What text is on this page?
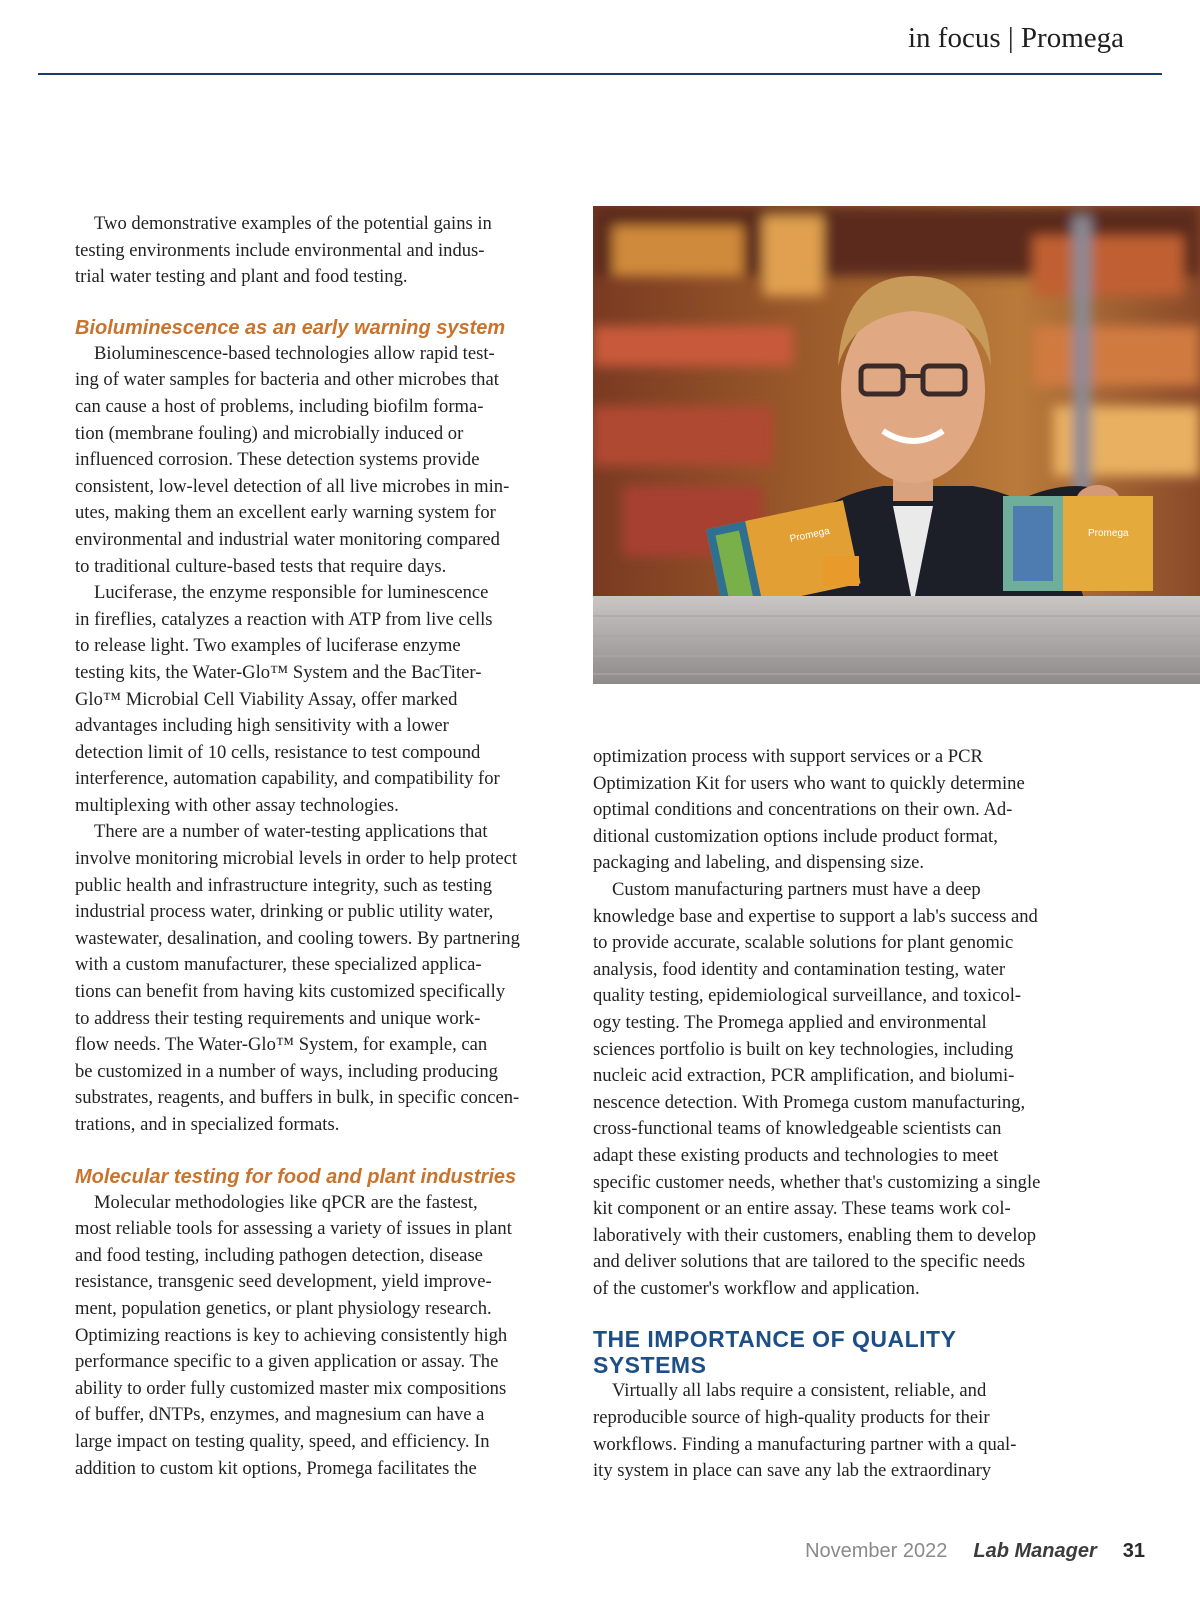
in focus | Promega

Two demonstrative examples of the potential gains in
testing environments include environmental and indus-
trial water testing and plant and food testing.

Bioluminescence as an early warning system

Bioluminescence-based technologies allow rapid test-
ing of water samples for bacteria and other microbes that
can cause a host of problems, including biofilm forma-
tion (membrane fouling) and microbially induced or
influenced corrosion. These detection systems provide
consistent, low-level detection of all live microbes in min-
utes, making them an excellent early warning system for
environmental and industrial water monitoring compared
to traditional culture-based tests that require days.

Luciferase, the enzyme responsible for luminescence
in fireflies, catalyzes a reaction with ATP from live cells
to release light. Two examples of luciferase enzyme
testing kits, the Water-Glo™ System and the BacTiter-
Glo™ Microbial Cell Viability Assay, offer marked
advantages including high sensitivity with a lower
detection limit of 10 cells, resistance to test compound
interference, automation capability, and compatibility for
multiplexing with other assay technologies.

There are a number of water-testing applications that
involve monitoring microbial levels in order to help protect
public health and infrastructure integrity, such as testing
industrial process water, drinking or public utility water,
wastewater, desalination, and cooling towers. By partnering
with a custom manufacturer, these specialized applica-
tions can benefit from having kits customized specifically
to address their testing requirements and unique work-
flow needs. The Water-Glo™ System, for example, can
be customized in a number of ways, including producing
substrates, reagents, and buffers in bulk, in specific concen-
trations, and in specialized formats.

Molecular testing for food and plant industries

Molecular methodologies like qPCR are the fastest,
most reliable tools for assessing a variety of issues in plant
and food testing, including pathogen detection, disease
resistance, transgenic seed development, yield improve-
ment, population genetics, or plant physiology research.
Optimizing reactions is key to achieving consistently high
performance specific to a given application or assay. The
ability to order fully customized master mix compositions
of buffer, dNTPs, enzymes, and magnesium can have a
large impact on testing quality, speed, and efficiency. In
addition to custom kit options, Promega facilitates the

Promega	Promega

optimization process with support services or a PCR
Optimization Kit for users who want to quickly determine
optimal conditions and concentrations on their own. Ad-
ditional customization options include product format,
packaging and labeling, and dispensing size.

Custom manufacturing partners must have a deep
knowledge base and expertise to support a lab's success and
to provide accurate, scalable solutions for plant genomic
analysis, food identity and contamination testing, water
quality testing, epidemiological surveillance, and toxicol-
ogy testing. The Promega applied and environmental
sciences portfolio is built on key technologies, including
nucleic acid extraction, PCR amplification, and biolumi-
nescence detection. With Promega custom manufacturing,
cross-functional teams of knowledgeable scientists can
adapt these existing products and technologies to meet
specific customer needs, whether that's customizing a single
kit component or an entire assay. These teams work col-
laboratively with their customers, enabling them to develop
and deliver solutions that are tailored to the specific needs
of the customer's workflow and application.

THE IMPORTANCE OF QUALITY
SYSTEMS

Virtually all labs require a consistent, reliable, and
reproducible source of high-quality products for their
workflows. Finding a manufacturing partner with a qual-
ity system in place can save any lab the extraordinary

November 2022 Lab Manager 31
